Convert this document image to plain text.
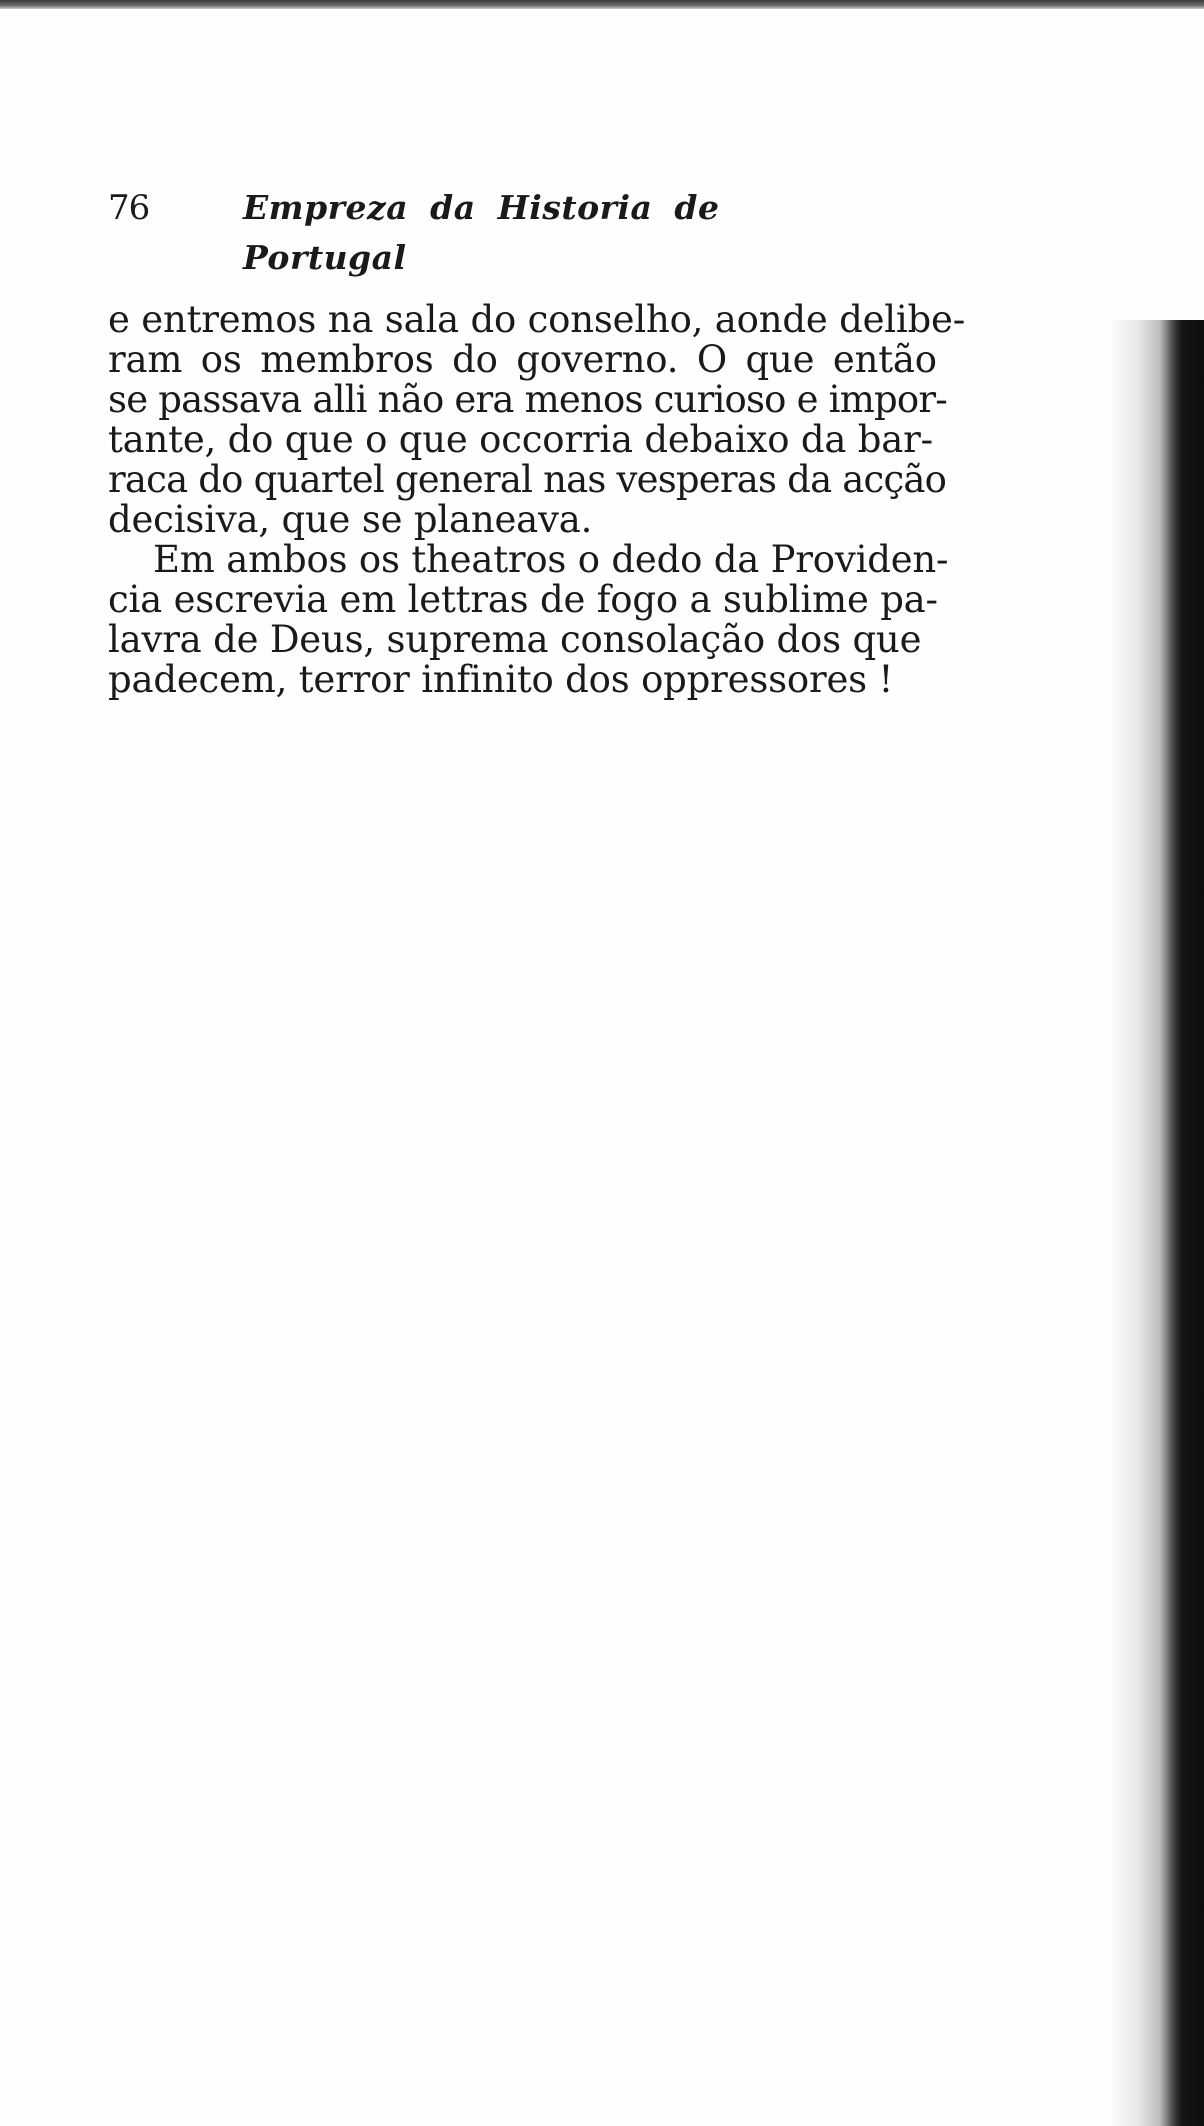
76	Empreza da Historia de Portugal
e entremos na sala do conselho, aonde delibe-
ram os membros do governo. O que então
se passava alli não era menos curioso e impor-
tante, do que o que occorria debaixo da bar-
raca do quartel general nas vesperas da acção
decisiva, que se planeava.
Em ambos os theatros o dedo da Providen-
cia escrevia em lettras de fogo a sublime pa-
lavra de Deus, suprema consolação dos que
padecem, terror infinito dos oppressores !
